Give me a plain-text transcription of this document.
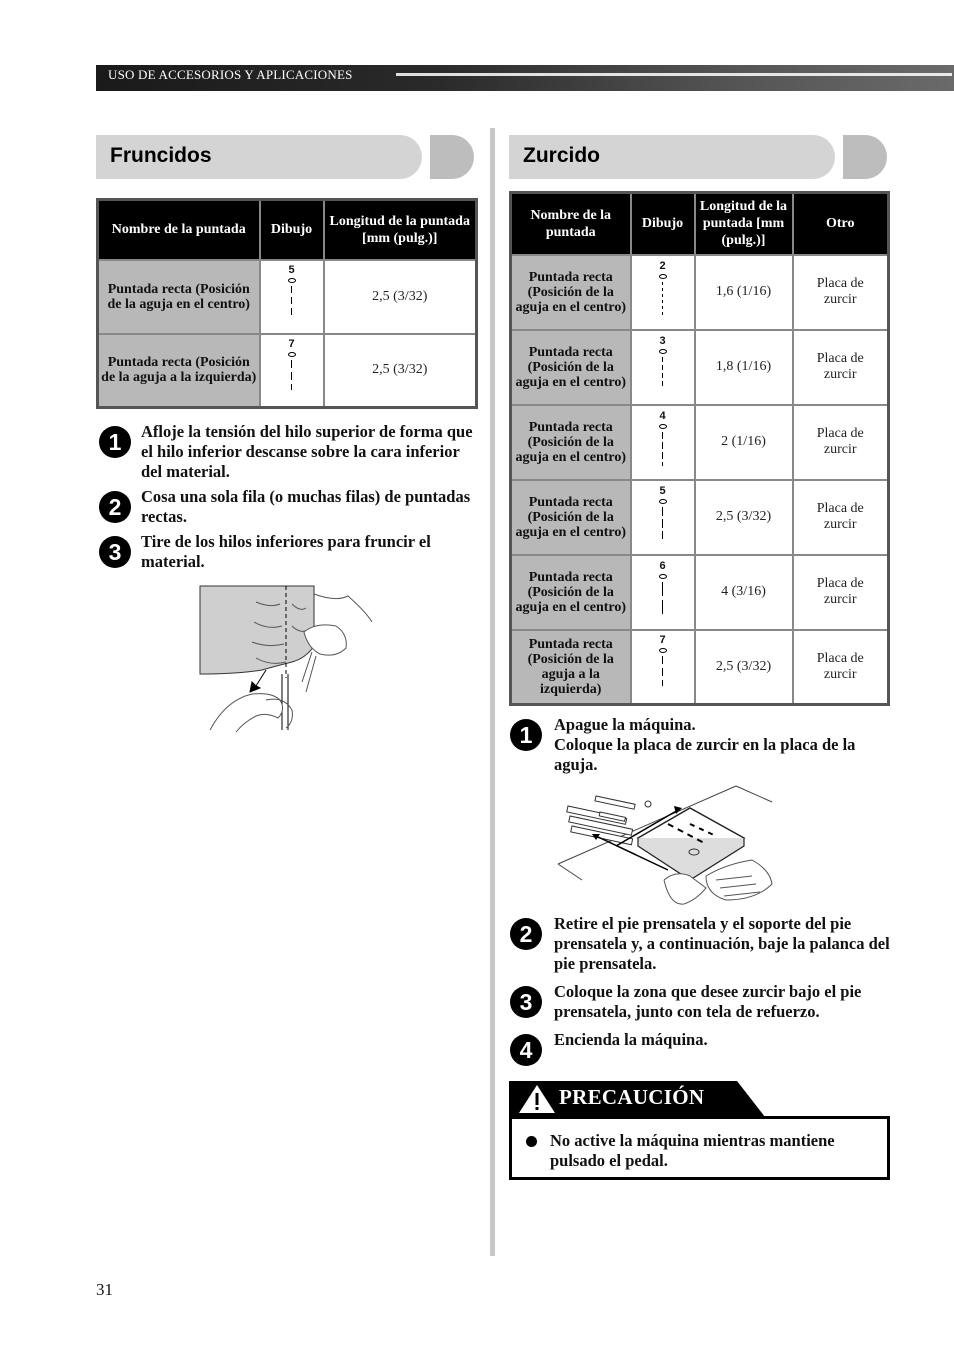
USO DE ACCESORIOS Y APLICACIONES
Fruncidos
Nombre de la puntada	Dibujo	Longitud de la puntada [mm (pulg.)]
Puntada recta (Posición de la aguja en el centro)	5	2,5 (3/32)
Puntada recta (Posición de la aguja a la izquierda)	7	2,5 (3/32)
1	Afloje la tensión del hilo superior de forma que el hilo inferior descanse sobre la cara inferior del material.
2	Cosa una sola fila (o muchas filas) de puntadas rectas.
3	Tire de los hilos inferiores para fruncir el material.
Zurcido
Nombre de la puntada	Dibujo	Longitud de la puntada [mm (pulg.)]	Otro
Puntada recta (Posición de la aguja en el centro)	2	1,6 (1/16)	Placa de zurcir
Puntada recta (Posición de la aguja en el centro)	3	1,8 (1/16)	Placa de zurcir
Puntada recta (Posición de la aguja en el centro)	4	2 (1/16)	Placa de zurcir
Puntada recta (Posición de la aguja en el centro)	5	2,5 (3/32)	Placa de zurcir
Puntada recta (Posición de la aguja en el centro)	6	4 (3/16)	Placa de zurcir
Puntada recta (Posición de la aguja a la izquierda)	7	2,5 (3/32)	Placa de zurcir
1	Apague la máquina.
Coloque la placa de zurcir en la placa de la aguja.
2	Retire el pie prensatela y el soporte del pie prensatela y, a continuación, baje la palanca del pie prensatela.
3	Coloque la zona que desee zurcir bajo el pie prensatela, junto con tela de refuerzo.
4	Encienda la máquina.
PRECAUCIÓN
No active la máquina mientras mantiene pulsado el pedal.
31
